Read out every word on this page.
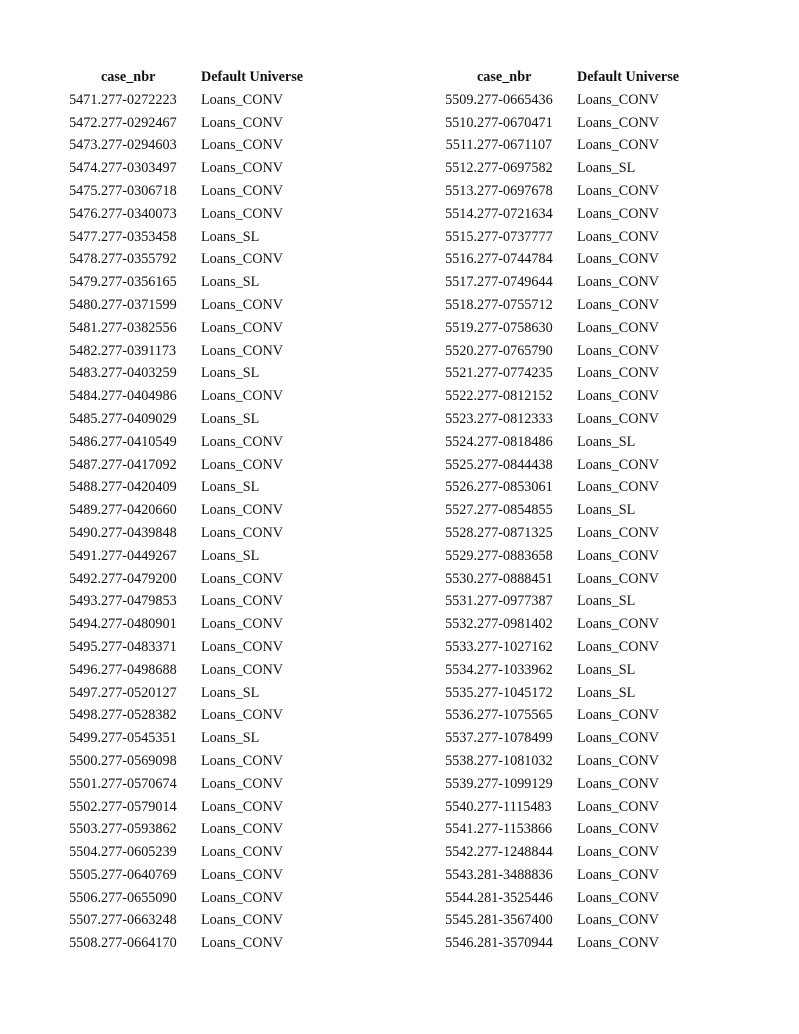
	case_nbr	Default Universe
5471.	277-0272223	Loans_CONV
5472.	277-0292467	Loans_CONV
5473.	277-0294603	Loans_CONV
5474.	277-0303497	Loans_CONV
5475.	277-0306718	Loans_CONV
5476.	277-0340073	Loans_CONV
5477.	277-0353458	Loans_SL
5478.	277-0355792	Loans_CONV
5479.	277-0356165	Loans_SL
5480.	277-0371599	Loans_CONV
5481.	277-0382556	Loans_CONV
5482.	277-0391173	Loans_CONV
5483.	277-0403259	Loans_SL
5484.	277-0404986	Loans_CONV
5485.	277-0409029	Loans_SL
5486.	277-0410549	Loans_CONV
5487.	277-0417092	Loans_CONV
5488.	277-0420409	Loans_SL
5489.	277-0420660	Loans_CONV
5490.	277-0439848	Loans_CONV
5491.	277-0449267	Loans_SL
5492.	277-0479200	Loans_CONV
5493.	277-0479853	Loans_CONV
5494.	277-0480901	Loans_CONV
5495.	277-0483371	Loans_CONV
5496.	277-0498688	Loans_CONV
5497.	277-0520127	Loans_SL
5498.	277-0528382	Loans_CONV
5499.	277-0545351	Loans_SL
5500.	277-0569098	Loans_CONV
5501.	277-0570674	Loans_CONV
5502.	277-0579014	Loans_CONV
5503.	277-0593862	Loans_CONV
5504.	277-0605239	Loans_CONV
5505.	277-0640769	Loans_CONV
5506.	277-0655090	Loans_CONV
5507.	277-0663248	Loans_CONV
5508.	277-0664170	Loans_CONV
	case_nbr	Default Universe
5509.	277-0665436	Loans_CONV
5510.	277-0670471	Loans_CONV
5511.	277-0671107	Loans_CONV
5512.	277-0697582	Loans_SL
5513.	277-0697678	Loans_CONV
5514.	277-0721634	Loans_CONV
5515.	277-0737777	Loans_CONV
5516.	277-0744784	Loans_CONV
5517.	277-0749644	Loans_CONV
5518.	277-0755712	Loans_CONV
5519.	277-0758630	Loans_CONV
5520.	277-0765790	Loans_CONV
5521.	277-0774235	Loans_CONV
5522.	277-0812152	Loans_CONV
5523.	277-0812333	Loans_CONV
5524.	277-0818486	Loans_SL
5525.	277-0844438	Loans_CONV
5526.	277-0853061	Loans_CONV
5527.	277-0854855	Loans_SL
5528.	277-0871325	Loans_CONV
5529.	277-0883658	Loans_CONV
5530.	277-0888451	Loans_CONV
5531.	277-0977387	Loans_SL
5532.	277-0981402	Loans_CONV
5533.	277-1027162	Loans_CONV
5534.	277-1033962	Loans_SL
5535.	277-1045172	Loans_SL
5536.	277-1075565	Loans_CONV
5537.	277-1078499	Loans_CONV
5538.	277-1081032	Loans_CONV
5539.	277-1099129	Loans_CONV
5540.	277-1115483	Loans_CONV
5541.	277-1153866	Loans_CONV
5542.	277-1248844	Loans_CONV
5543.	281-3488836	Loans_CONV
5544.	281-3525446	Loans_CONV
5545.	281-3567400	Loans_CONV
5546.	281-3570944	Loans_CONV
